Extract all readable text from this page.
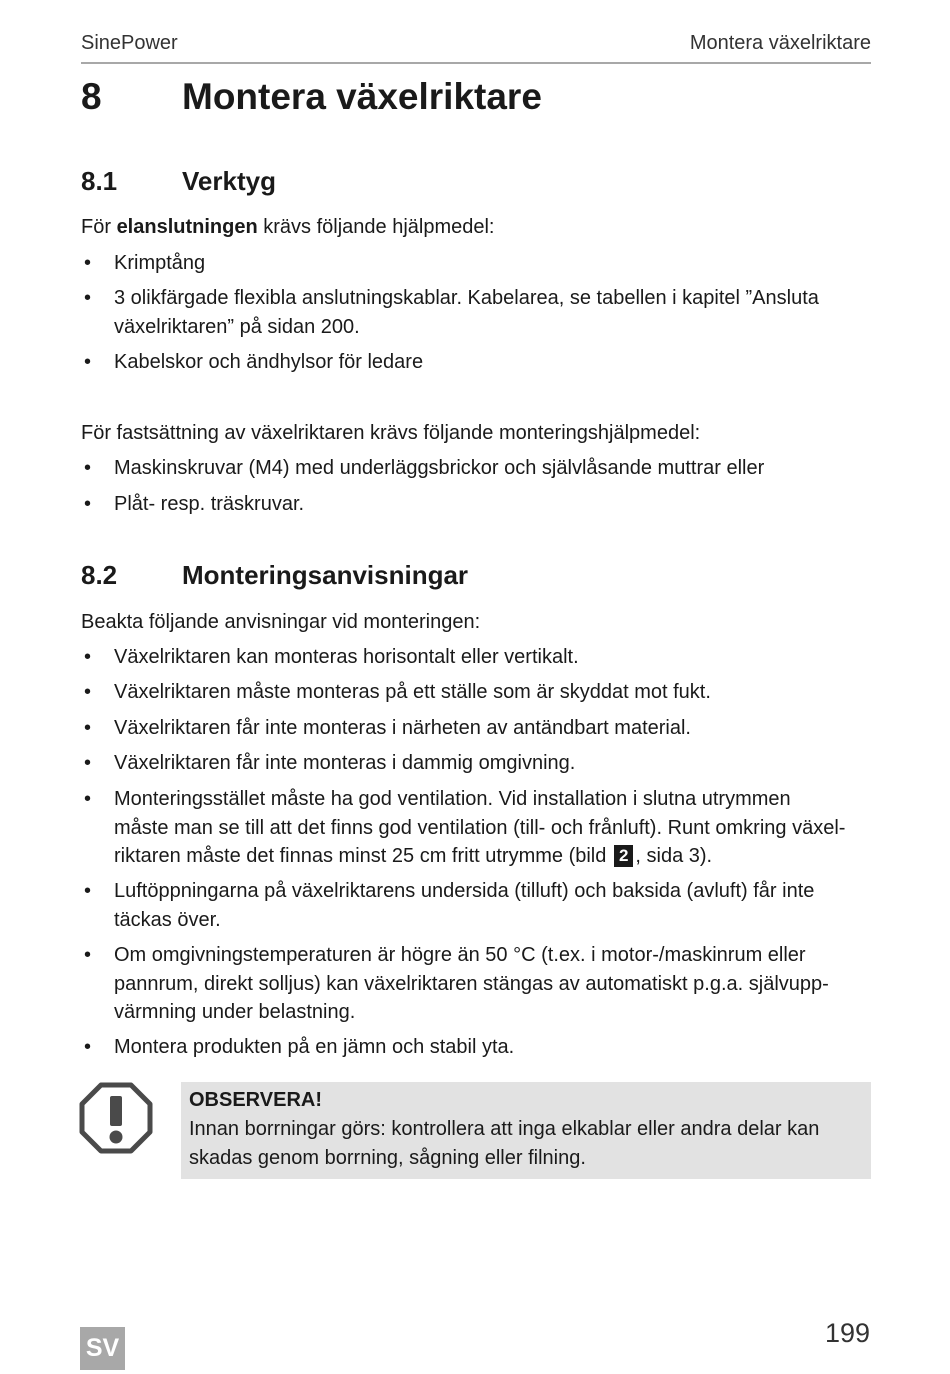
SinePower	Montera växelriktare
8 Montera växelriktare
8.1 Verktyg
För elanslutningen krävs följande hjälpmedel:
• Krimptång
• 3 olikfärgade flexibla anslutningskablar. Kabelarea, se tabellen i kapitel ”Ansluta
växelriktaren” på sidan 200.
• Kabelskor och ändhylsor för ledare
För fastsättning av växelriktaren krävs följande monteringshjälpmedel:
• Maskinskruvar (M4) med underläggsbrickor och självlåsande muttrar eller
• Plåt- resp. träskruvar.
8.2 Monteringsanvisningar
Beakta följande anvisningar vid monteringen:
• Växelriktaren kan monteras horisontalt eller vertikalt.
• Växelriktaren måste monteras på ett ställe som är skyddat mot fukt.
• Växelriktaren får inte monteras i närheten av antändbart material.
• Växelriktaren får inte monteras i dammig omgivning.
• Monteringsstället måste ha god ventilation. Vid installation i slutna utrymmen
måste man se till att det finns god ventilation (till- och frånluft). Runt omkring växel-
riktaren måste det finnas minst 25 cm fritt utrymme (bild 2 , sida 3).
• Luftöppningarna på växelriktarens undersida (tilluft) och baksida (avluft) får inte
täckas över.
• Om omgivningstemperaturen är högre än 50 °C (t.ex. i motor-/maskinrum eller
pannrum, direkt solljus) kan växelriktaren stängas av automatiskt p.g.a. självupp-
värmning under belastning.
• Montera produkten på en jämn och stabil yta.
OBSERVERA!
Innan borrningar görs: kontrollera att inga elkablar eller andra delar kan
skadas genom borrning, sågning eller filning.
199
SV
